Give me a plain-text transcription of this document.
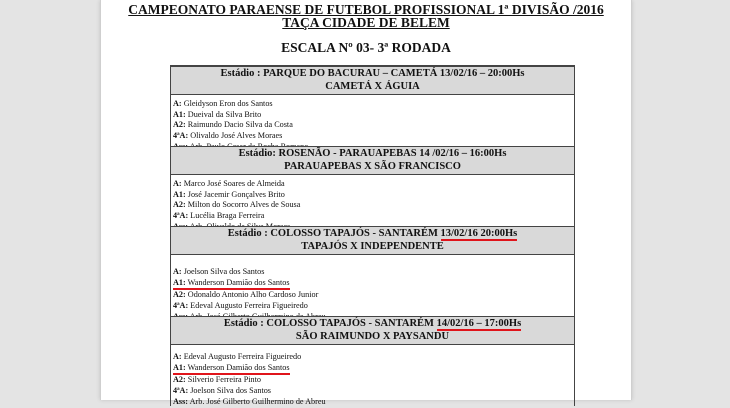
CAMPEONATO PARAENSE DE FUTEBOL PROFISSIONAL 1ª DIVISÃO /2016
TAÇA CIDADE DE BELEM
ESCALA Nº 03- 3ª RODADA
Estádio : PARQUE DO BACURAU – CAMETÁ 13/02/16 – 20:00Hs
CAMETÁ X ÁGUIA
A: Gleidyson Eron dos Santos
A1: Dueival da Silva Brito
A2: Raimundo Dacio Silva da Costa
4ªA: Olivaldo José Alves Moraes
Estádio: ROSENÃO - PARAUAPEBAS 14 /02/16 – 16:00Hs
PARAUAPEBAS X SÃO FRANCISCO
A: Marco José Soares de Almeida
A1: José Jacemir Gonçalves Brito
A2: Milton do Socorro Alves de Sousa
4ªA: Lucélia Braga Ferreira
Estádio : COLOSSO TAPAJÓS - SANTARÉM 13/02/16 20:00Hs
TAPAJÓS X INDEPENDENTE
A: Joelson Silva dos Santos
A1: Wanderson Damião dos Santos
A2: Odonaldo Antonio Alho Cardoso Junior
4ªA: Edeval Augusto Ferreira Figueiredo
Estádio : COLOSSO TAPAJÓS - SANTARÉM 14/02/16 – 17:00Hs
SÃO RAIMUNDO X PAYSANDU
A: Edeval Augusto Ferreira Figueiredo
A1: Wanderson Damião dos Santos
A2: Silverio Ferreira Pinto
4ªA: Joelson Silva dos Santos
Ass: Arb. José Gilberto Guilhermino de Abreu
